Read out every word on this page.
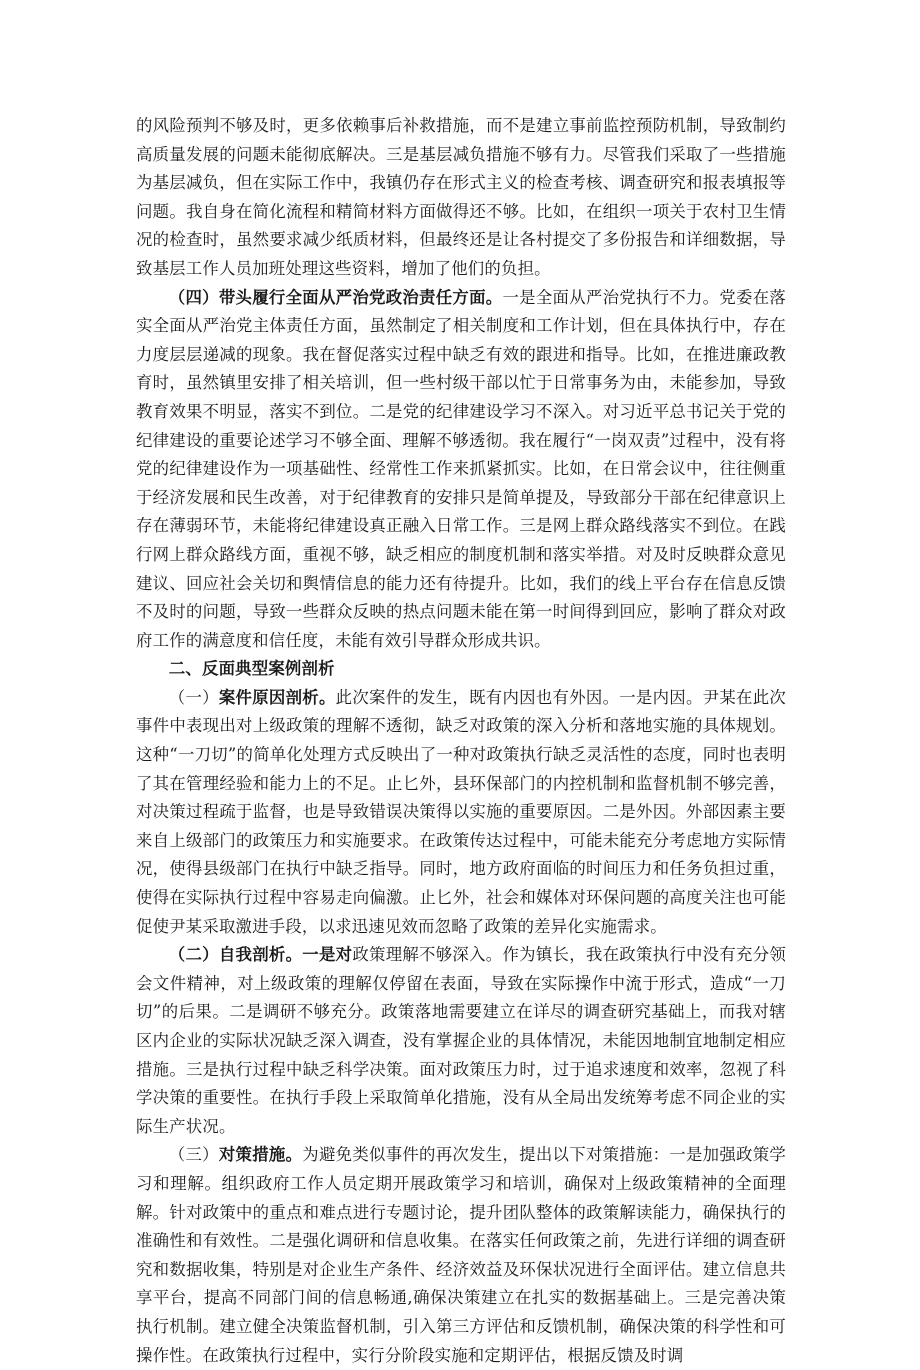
的风险预判不够及时，更多依赖事后补救措施，而不是建立事前监控预防机制，导致制约高质量发展的问题未能彻底解决。三是基层减负措施不够有力。尽管我们采取了一些措施为基层减负，但在实际工作中，我镇仍存在形式主义的检查考核、调查研究和报表填报等问题。我自身在简化流程和精简材料方面做得还不够。比如，在组织一项关于农村卫生情况的检查时，虽然要求减少纸质材料，但最终还是让各村提交了多份报告和详细数据，导致基层工作人员加班处理这些资料，增加了他们的负担。

（四）带头履行全面从严治党政治责任方面。一是全面从严治党执行不力。党委在落实全面从严治党主体责任方面，虽然制定了相关制度和工作计划，但在具体执行中，存在力度层层递减的现象。我在督促落实过程中缺乏有效的跟进和指导。比如，在推进廉政教育时，虽然镇里安排了相关培训，但一些村级干部以忙于日常事务为由，未能参加，导致教育效果不明显，落实不到位。二是党的纪律建设学习不深入。对习近平总书记关于党的纪律建设的重要论述学习不够全面、理解不够透彻。我在履行“一岗双责”过程中，没有将党的纪律建设作为一项基础性、经常性工作来抓紧抓实。比如，在日常会议中，往往侧重于经济发展和民生改善，对于纪律教育的安排只是简单提及，导致部分干部在纪律意识上存在薄弱环节，未能将纪律建设真正融入日常工作。三是网上群众路线落实不到位。在践行网上群众路线方面，重视不够，缺乏相应的制度机制和落实举措。对及时反映群众意见建议、回应社会关切和舆情信息的能力还有待提升。比如，我们的线上平台存在信息反馈不及时的问题，导致一些群众反映的热点问题未能在第一时间得到回应，影响了群众对政府工作的满意度和信任度，未能有效引导群众形成共识。

二、反面典型案例剖析

（一）案件原因剖析。此次案件的发生，既有内因也有外因。一是内因。尹某在此次事件中表现出对上级政策的理解不透彻，缺乏对政策的深入分析和落地实施的具体规划。这种“一刀切”的简单化处理方式反映出了一种对政策执行缺乏灵活性的态度，同时也表明了其在管理经验和能力上的不足。止匕外，县环保部门的内控机制和监督机制不够完善，对决策过程疏于监督，也是导致错误决策得以实施的重要原因。二是外因。外部因素主要来自上级部门的政策压力和实施要求。在政策传达过程中，可能未能充分考虑地方实际情况，使得县级部门在执行中缺乏指导。同时，地方政府面临的时间压力和任务负担过重，使得在实际执行过程中容易走向偏激。止匕外，社会和媒体对环保问题的高度关注也可能促使尹某采取激进手段，以求迅速见效而忽略了政策的差异化实施需求。

（二）自我剖析。一是对政策理解不够深入。作为镇长，我在政策执行中没有充分领会文件精神，对上级政策的理解仅停留在表面，导致在实际操作中流于形式，造成“一刀切”的后果。二是调研不够充分。政策落地需要建立在详尽的调查研究基础上，而我对辖区内企业的实际状况缺乏深入调查，没有掌握企业的具体情况，未能因地制宜地制定相应措施。三是执行过程中缺乏科学决策。面对政策压力时，过于追求速度和效率，忽视了科学决策的重要性。在执行手段上采取简单化措施，没有从全局出发统筹考虑不同企业的实际生产状况。

（三）对策措施。为避免类似事件的再次发生，提出以下对策措施：一是加强政策学习和理解。组织政府工作人员定期开展政策学习和培训，确保对上级政策精神的全面理解。针对政策中的重点和难点进行专题讨论，提升团队整体的政策解读能力，确保执行的准确性和有效性。二是强化调研和信息收集。在落实任何政策之前，先进行详细的调查研究和数据收集，特别是对企业生产条件、经济效益及环保状况进行全面评估。建立信息共享平台，提高不同部门间的信息畅通,确保决策建立在扎实的数据基础上。三是完善决策执行机制。建立健全决策监督机制，引入第三方评估和反馈机制，确保决策的科学性和可操作性。在政策执行过程中，实行分阶段实施和定期评估，根据反馈及时调
